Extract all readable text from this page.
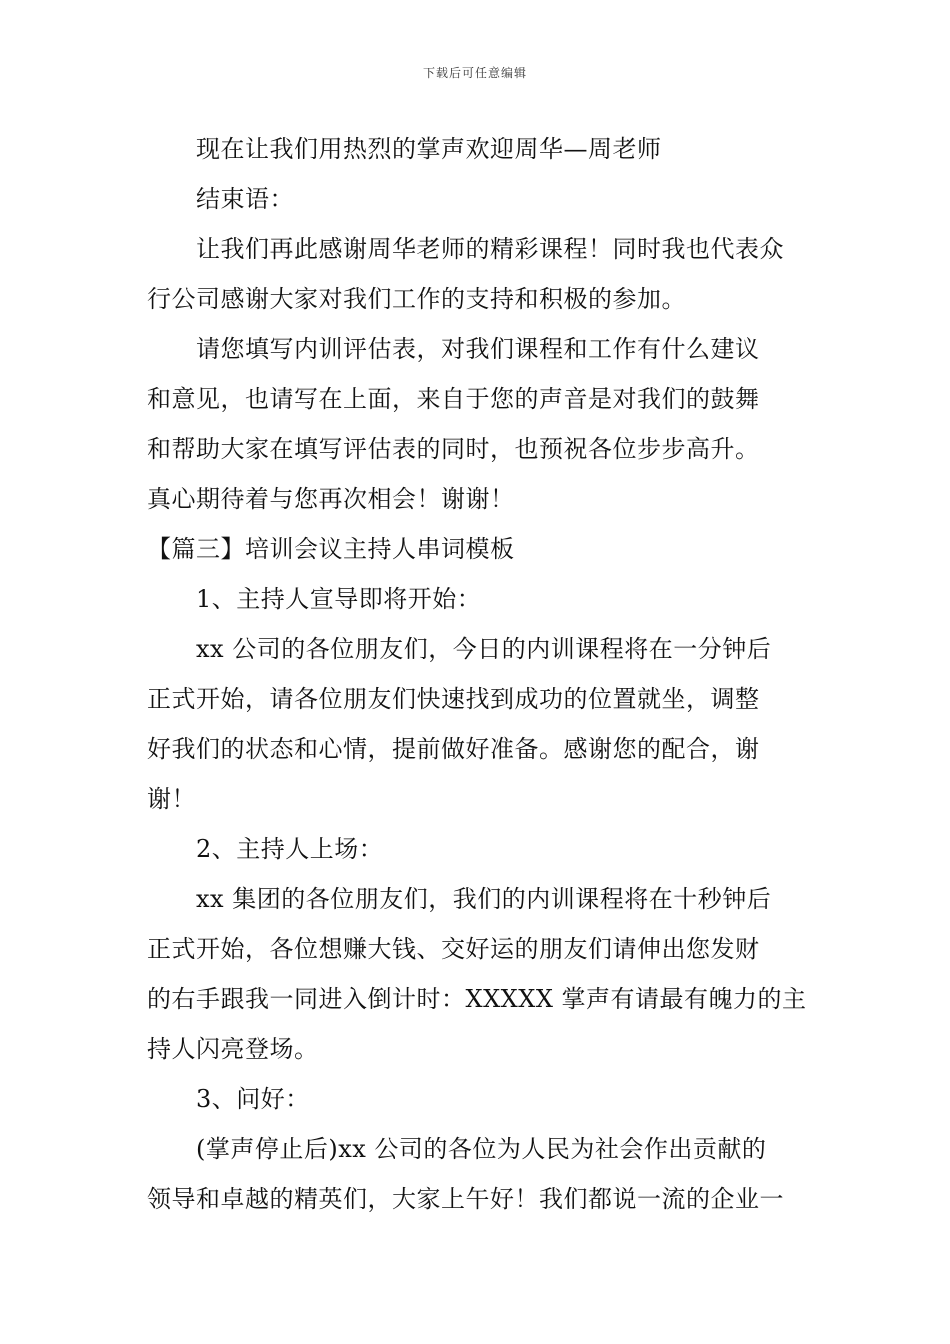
下载后可任意编辑
现在让我们用热烈的掌声欢迎周华—周老师
结束语：
让我们再此感谢周华老师的精彩课程！同时我也代表众
行公司感谢大家对我们工作的支持和积极的参加。
请您填写内训评估表，对我们课程和工作有什么建议
和意见，也请写在上面，来自于您的声音是对我们的鼓舞
和帮助大家在填写评估表的同时，也预祝各位步步高升。
真心期待着与您再次相会！谢谢！
【篇三】培训会议主持人串词模板
1、主持人宣导即将开始：
xx 公司的各位朋友们，今日的内训课程将在一分钟后
正式开始，请各位朋友们快速找到成功的位置就坐，调整
好我们的状态和心情，提前做好准备。感谢您的配合，谢
谢！
2、主持人上场：
xx 集团的各位朋友们，我们的内训课程将在十秒钟后
正式开始，各位想赚大钱、交好运的朋友们请伸出您发财
的右手跟我一同进入倒计时：XXXXX 掌声有请最有魄力的主
持人闪亮登场。
3、问好：
(掌声停止后)xx 公司的各位为人民为社会作出贡献的
领导和卓越的精英们，大家上午好！我们都说一流的企业一
